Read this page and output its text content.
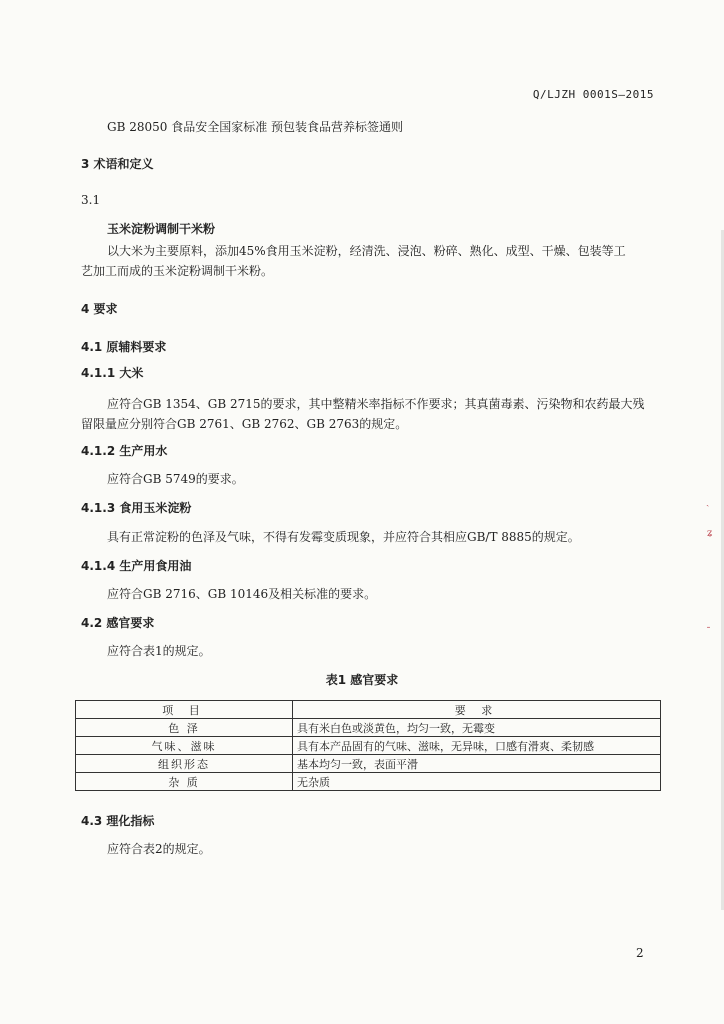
Q/LJZH 0001S—2015
GB 28050 食品安全国家标准 预包装食品营养标签通则
3 术语和定义
3.1
玉米淀粉调制干米粉
以大米为主要原料，添加45%食用玉米淀粉，经清洗、浸泡、粉碎、熟化、成型、干燥、包装等工
艺加工而成的玉米淀粉调制干米粉。
4 要求
4.1 原辅料要求
4.1.1 大米
应符合GB 1354、GB 2715的要求，其中整精米率指标不作要求；其真菌毒素、污染物和农药最大残
留限量应分别符合GB 2761、GB 2762、GB 2763的规定。
4.1.2 生产用水
应符合GB 5749的要求。
4.1.3 食用玉米淀粉
具有正常淀粉的色泽及气味，不得有发霉变质现象，并应符合其相应GB/T 8885的规定。
4.1.4 生产用食用油
应符合GB 2716、GB 10146及相关标准的要求。
4.2 感官要求
应符合表1的规定。
表1 感官要求
项 目	要 求
色 泽	具有米白色或淡黄色，均匀一致，无霉变
气味、滋味	具有本产品固有的气味、滋味，无异味，口感有滑爽、柔韧感
组织形态	基本均匀一致，表面平滑
杂 质	无杂质
4.3 理化指标
应符合表2的规定。
2
ˎ
ʑ
ˍ
